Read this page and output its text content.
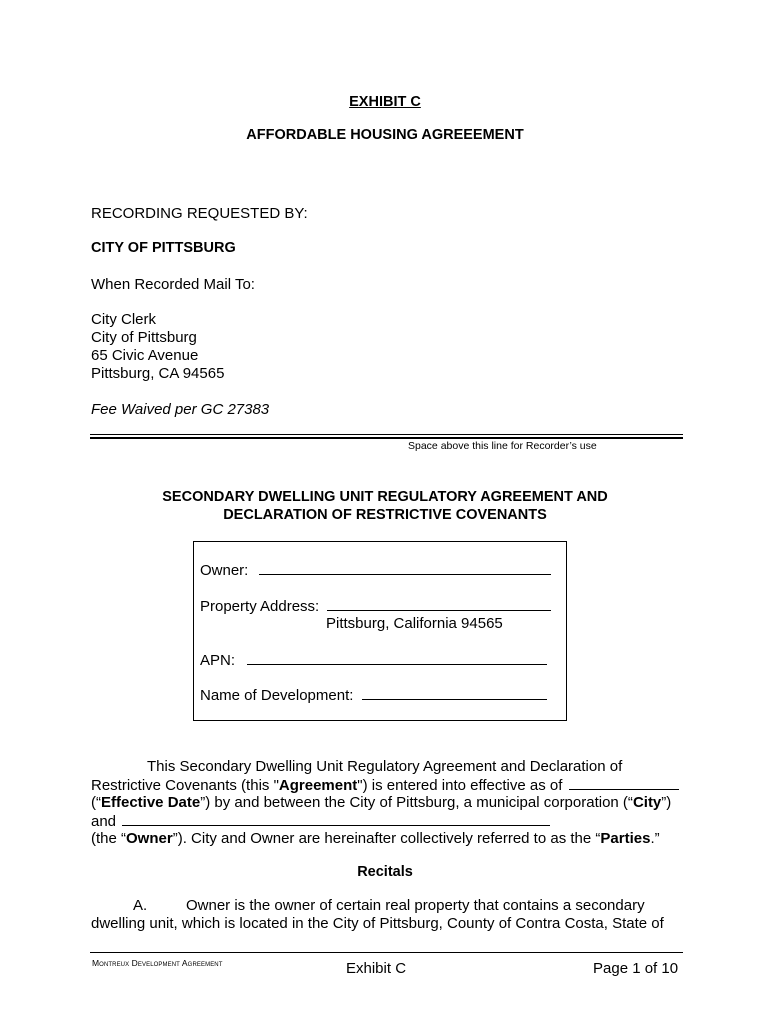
EXHIBIT C
AFFORDABLE HOUSING AGREEEMENT
RECORDING REQUESTED BY:
CITY OF PITTSBURG
When Recorded Mail To:
City Clerk
City of Pittsburg
65 Civic Avenue
Pittsburg, CA 94565
Fee Waived per GC 27383
Space above this line for Recorder’s use
SECONDARY DWELLING UNIT REGULATORY AGREEMENT AND
DECLARATION OF RESTRICTIVE COVENANTS
Owner:
Property Address:
Pittsburg, California 94565
APN:
Name of Development:
This Secondary Dwelling Unit Regulatory Agreement and Declaration of
Restrictive Covenants (this "Agreement") is entered into effective as of
(“Effective Date”) by and between the City of Pittsburg, a municipal corporation (“City”)
and
(the “Owner”). City and Owner are hereinafter collectively referred to as the “Parties.”
Recitals
A.	Owner is the owner of certain real property that contains a secondary
dwelling unit, which is located in the City of Pittsburg, County of Contra Costa, State of
Montreux Development Agreement	Exhibit C	Page 1 of 10
